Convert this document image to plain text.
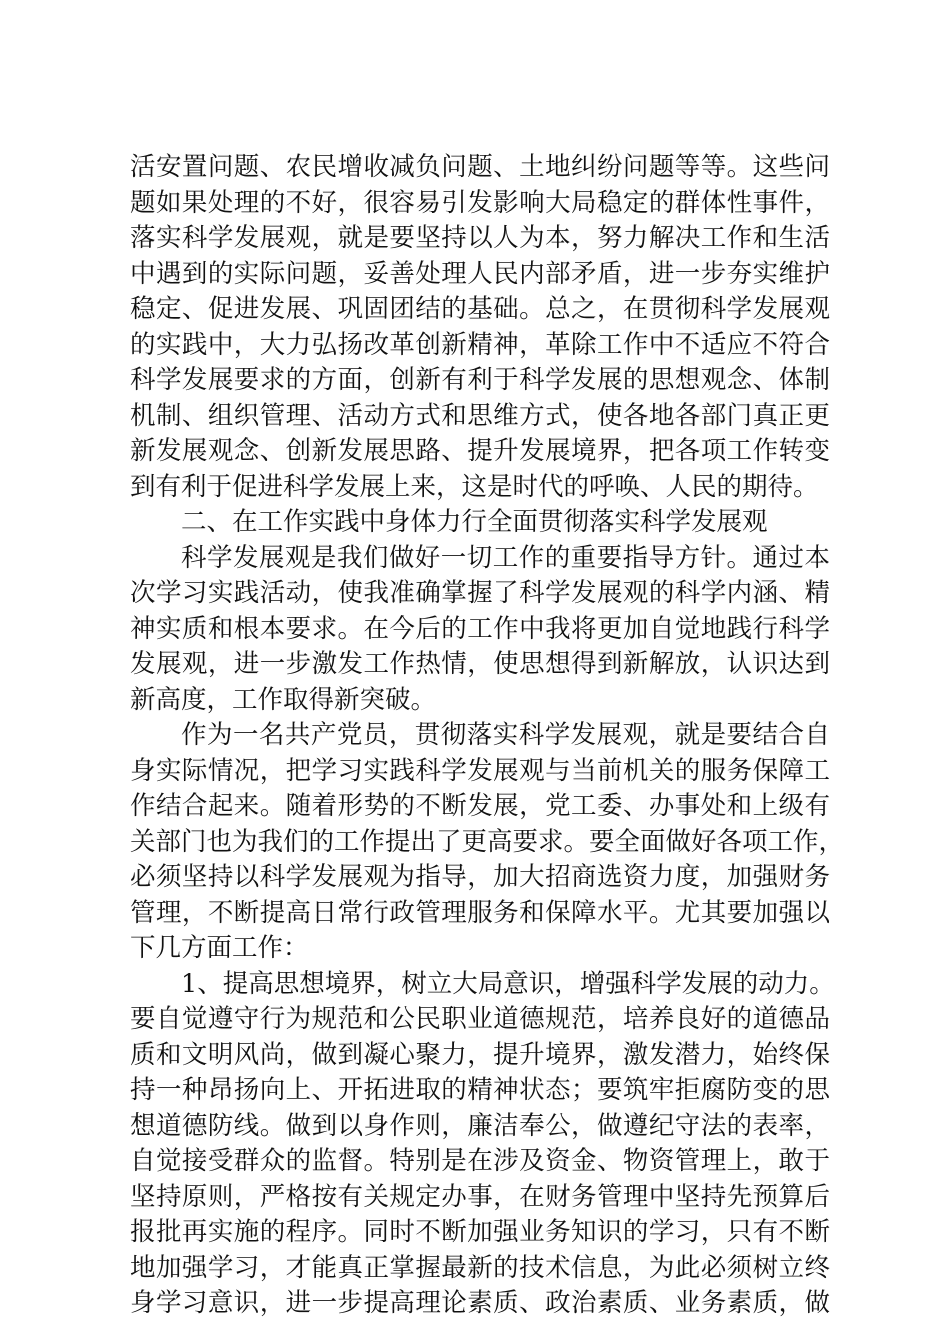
活安置问题、农民增收减负问题、土地纠纷问题等等。这些问
题如果处理的不好，很容易引发影响大局稳定的群体性事件，
落实科学发展观，就是要坚持以人为本，努力解决工作和生活
中遇到的实际问题，妥善处理人民内部矛盾，进一步夯实维护
稳定、促进发展、巩固团结的基础。总之，在贯彻科学发展观
的实践中，大力弘扬改革创新精神，革除工作中不适应不符合
科学发展要求的方面，创新有利于科学发展的思想观念、体制
机制、组织管理、活动方式和思维方式，使各地各部门真正更
新发展观念、创新发展思路、提升发展境界，把各项工作转变
到有利于促进科学发展上来，这是时代的呼唤、人民的期待。
二、在工作实践中身体力行全面贯彻落实科学发展观
科学发展观是我们做好一切工作的重要指导方针。通过本
次学习实践活动，使我准确掌握了科学发展观的科学内涵、精
神实质和根本要求。在今后的工作中我将更加自觉地践行科学
发展观，进一步激发工作热情，使思想得到新解放，认识达到
新高度，工作取得新突破。
作为一名共产党员，贯彻落实科学发展观，就是要结合自
身实际情况，把学习实践科学发展观与当前机关的服务保障工
作结合起来。随着形势的不断发展，党工委、办事处和上级有
关部门也为我们的工作提出了更高要求。要全面做好各项工作，
必须坚持以科学发展观为指导，加大招商选资力度，加强财务
管理，不断提高日常行政管理服务和保障水平。尤其要加强以
下几方面工作：
1、提高思想境界，树立大局意识，增强科学发展的动力。
要自觉遵守行为规范和公民职业道德规范，培养良好的道德品
质和文明风尚，做到凝心聚力，提升境界，激发潜力，始终保
持一种昂扬向上、开拓进取的精神状态；要筑牢拒腐防变的思
想道德防线。做到以身作则，廉洁奉公，做遵纪守法的表率，
自觉接受群众的监督。特别是在涉及资金、物资管理上，敢于
坚持原则，严格按有关规定办事，在财务管理中坚持先预算后
报批再实施的程序。同时不断加强业务知识的学习，只有不断
地加强学习，才能真正掌握最新的技术信息，为此必须树立终
身学习意识，进一步提高理论素质、政治素质、业务素质，做
